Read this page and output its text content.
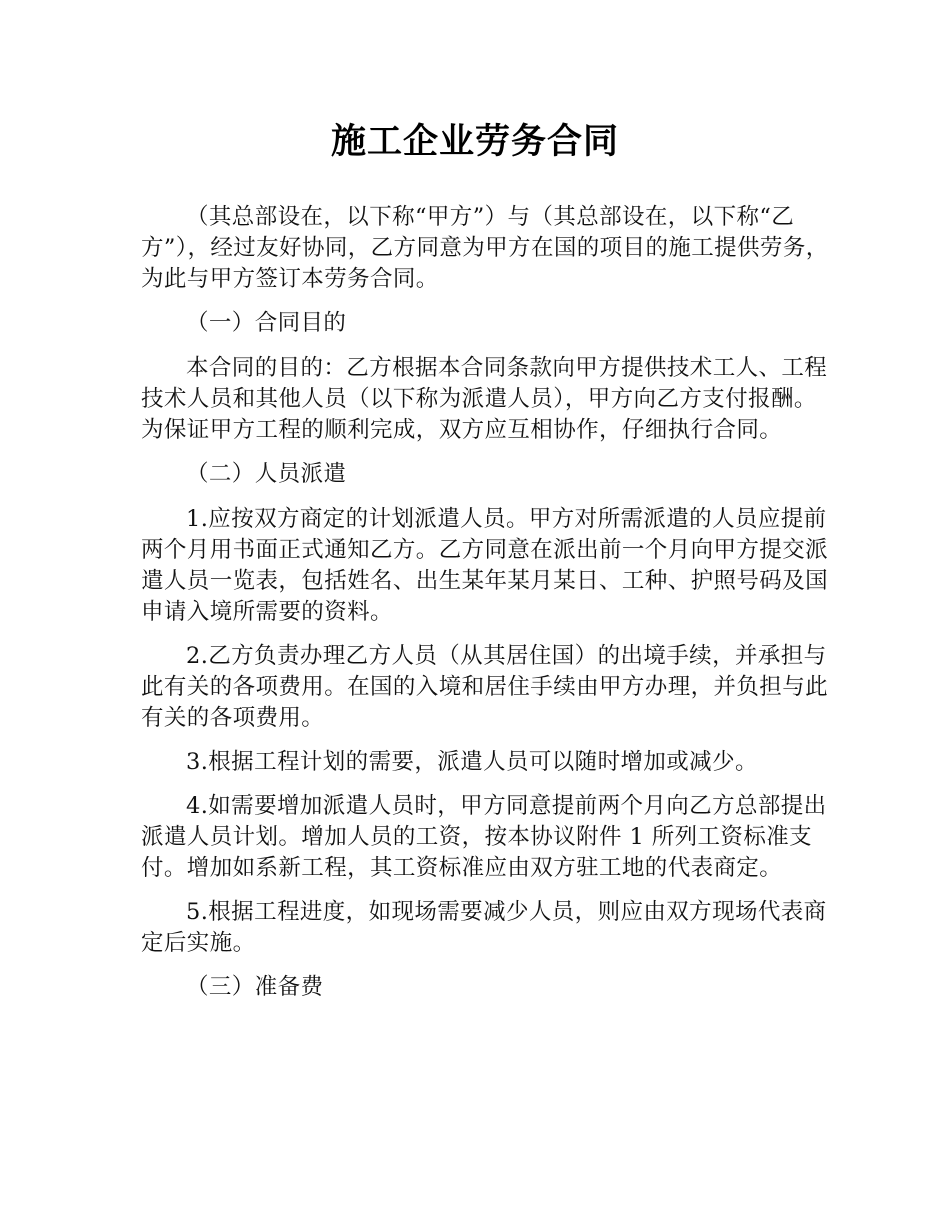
施工企业劳务合同

（其总部设在，以下称“甲方”）与（其总部设在，以下称“乙方”），经过友好协同，乙方同意为甲方在国的项目的施工提供劳务，为此与甲方签订本劳务合同。

（一）合同目的

本合同的目的：乙方根据本合同条款向甲方提供技术工人、工程技术人员和其他人员（以下称为派遣人员），甲方向乙方支付报酬。为保证甲方工程的顺利完成，双方应互相协作，仔细执行合同。

（二）人员派遣

1.应按双方商定的计划派遣人员。甲方对所需派遣的人员应提前两个月用书面正式通知乙方。乙方同意在派出前一个月向甲方提交派遣人员一览表，包括姓名、出生某年某月某日、工种、护照号码及国申请入境所需要的资料。

2.乙方负责办理乙方人员（从其居住国）的出境手续，并承担与此有关的各项费用。在国的入境和居住手续由甲方办理，并负担与此有关的各项费用。

3.根据工程计划的需要，派遣人员可以随时增加或减少。

4.如需要增加派遣人员时，甲方同意提前两个月向乙方总部提出派遣人员计划。增加人员的工资，按本协议附件 1 所列工资标准支付。增加如系新工程，其工资标准应由双方驻工地的代表商定。

5.根据工程进度，如现场需要减少人员，则应由双方现场代表商定后实施。

（三）准备费
